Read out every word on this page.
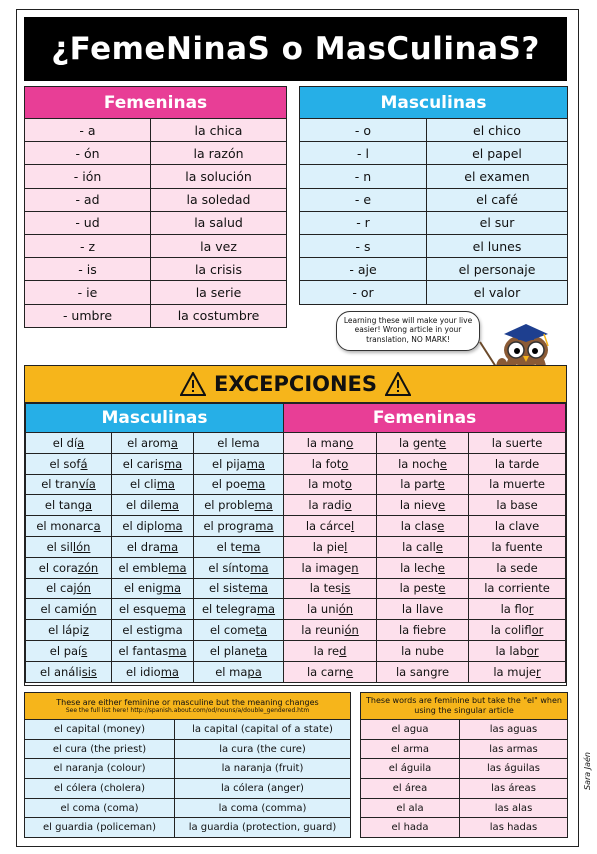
¿FemeNinaS o MasCulinaS?
Femeninas	
- a	la chica
- ón	la razón
- ión	la solución
- ad	la soledad
- ud	la salud
- z	la vez
- is	la crisis
- ie	la serie
- umbre	la costumbre
Masculinas	
- o	el chico
- l	el papel
- n	el examen
- e	el café
- r	el sur
- s	el lunes
- aje	el personaje
- or	el valor
Learning these will make your live easier! Wrong article in your translation, NO MARK!
EXCEPCIONES
Masculinas			Femeninas		
el día	el aroma	el lema	la mano	la gente	la suerte
el sofá	el carisma	el pijama	la foto	la noche	la tarde
el tranvía	el clima	el poema	la moto	la parte	la muerte
el tanga	el dilema	el problema	la radio	la nieve	la base
el monarca	el diploma	el programa	la cárcel	la clase	la clave
el sillón	el drama	el tema	la piel	la calle	la fuente
el corazón	el emblema	el síntoma	la imagen	la leche	la sede
el cajón	el enigma	el sistema	la tesis	la peste	la corriente
el camión	el esquema	el telegrama	la unión	la llave	la flor
el lápiz	el estigma	el cometa	la reunión	la fiebre	la coliflor
el país	el fantasma	el planeta	la red	la nube	la labor
el análisis	el idioma	el mapa	la carne	la sangre	la mujer
These are either feminine or masculine but the meaning changes
See the full list here! http://spanish.about.com/od/nouns/a/double_gendered.htm	

el capital (money)	la capital (capital of a state)
el cura (the priest)	la cura (the cure)
el naranja (colour)	la naranja (fruit)
el cólera (cholera)	la cólera (anger)
el coma (coma)	la coma (comma)
el guardia (policeman)	la guardia (protection, guard)
These words are feminine but take the "el" when using the singular article	
el agua	las aguas
el arma	las armas
el águila	las águilas
el área	las áreas
el ala	las alas
el hada	las hadas
Sara Jaén
